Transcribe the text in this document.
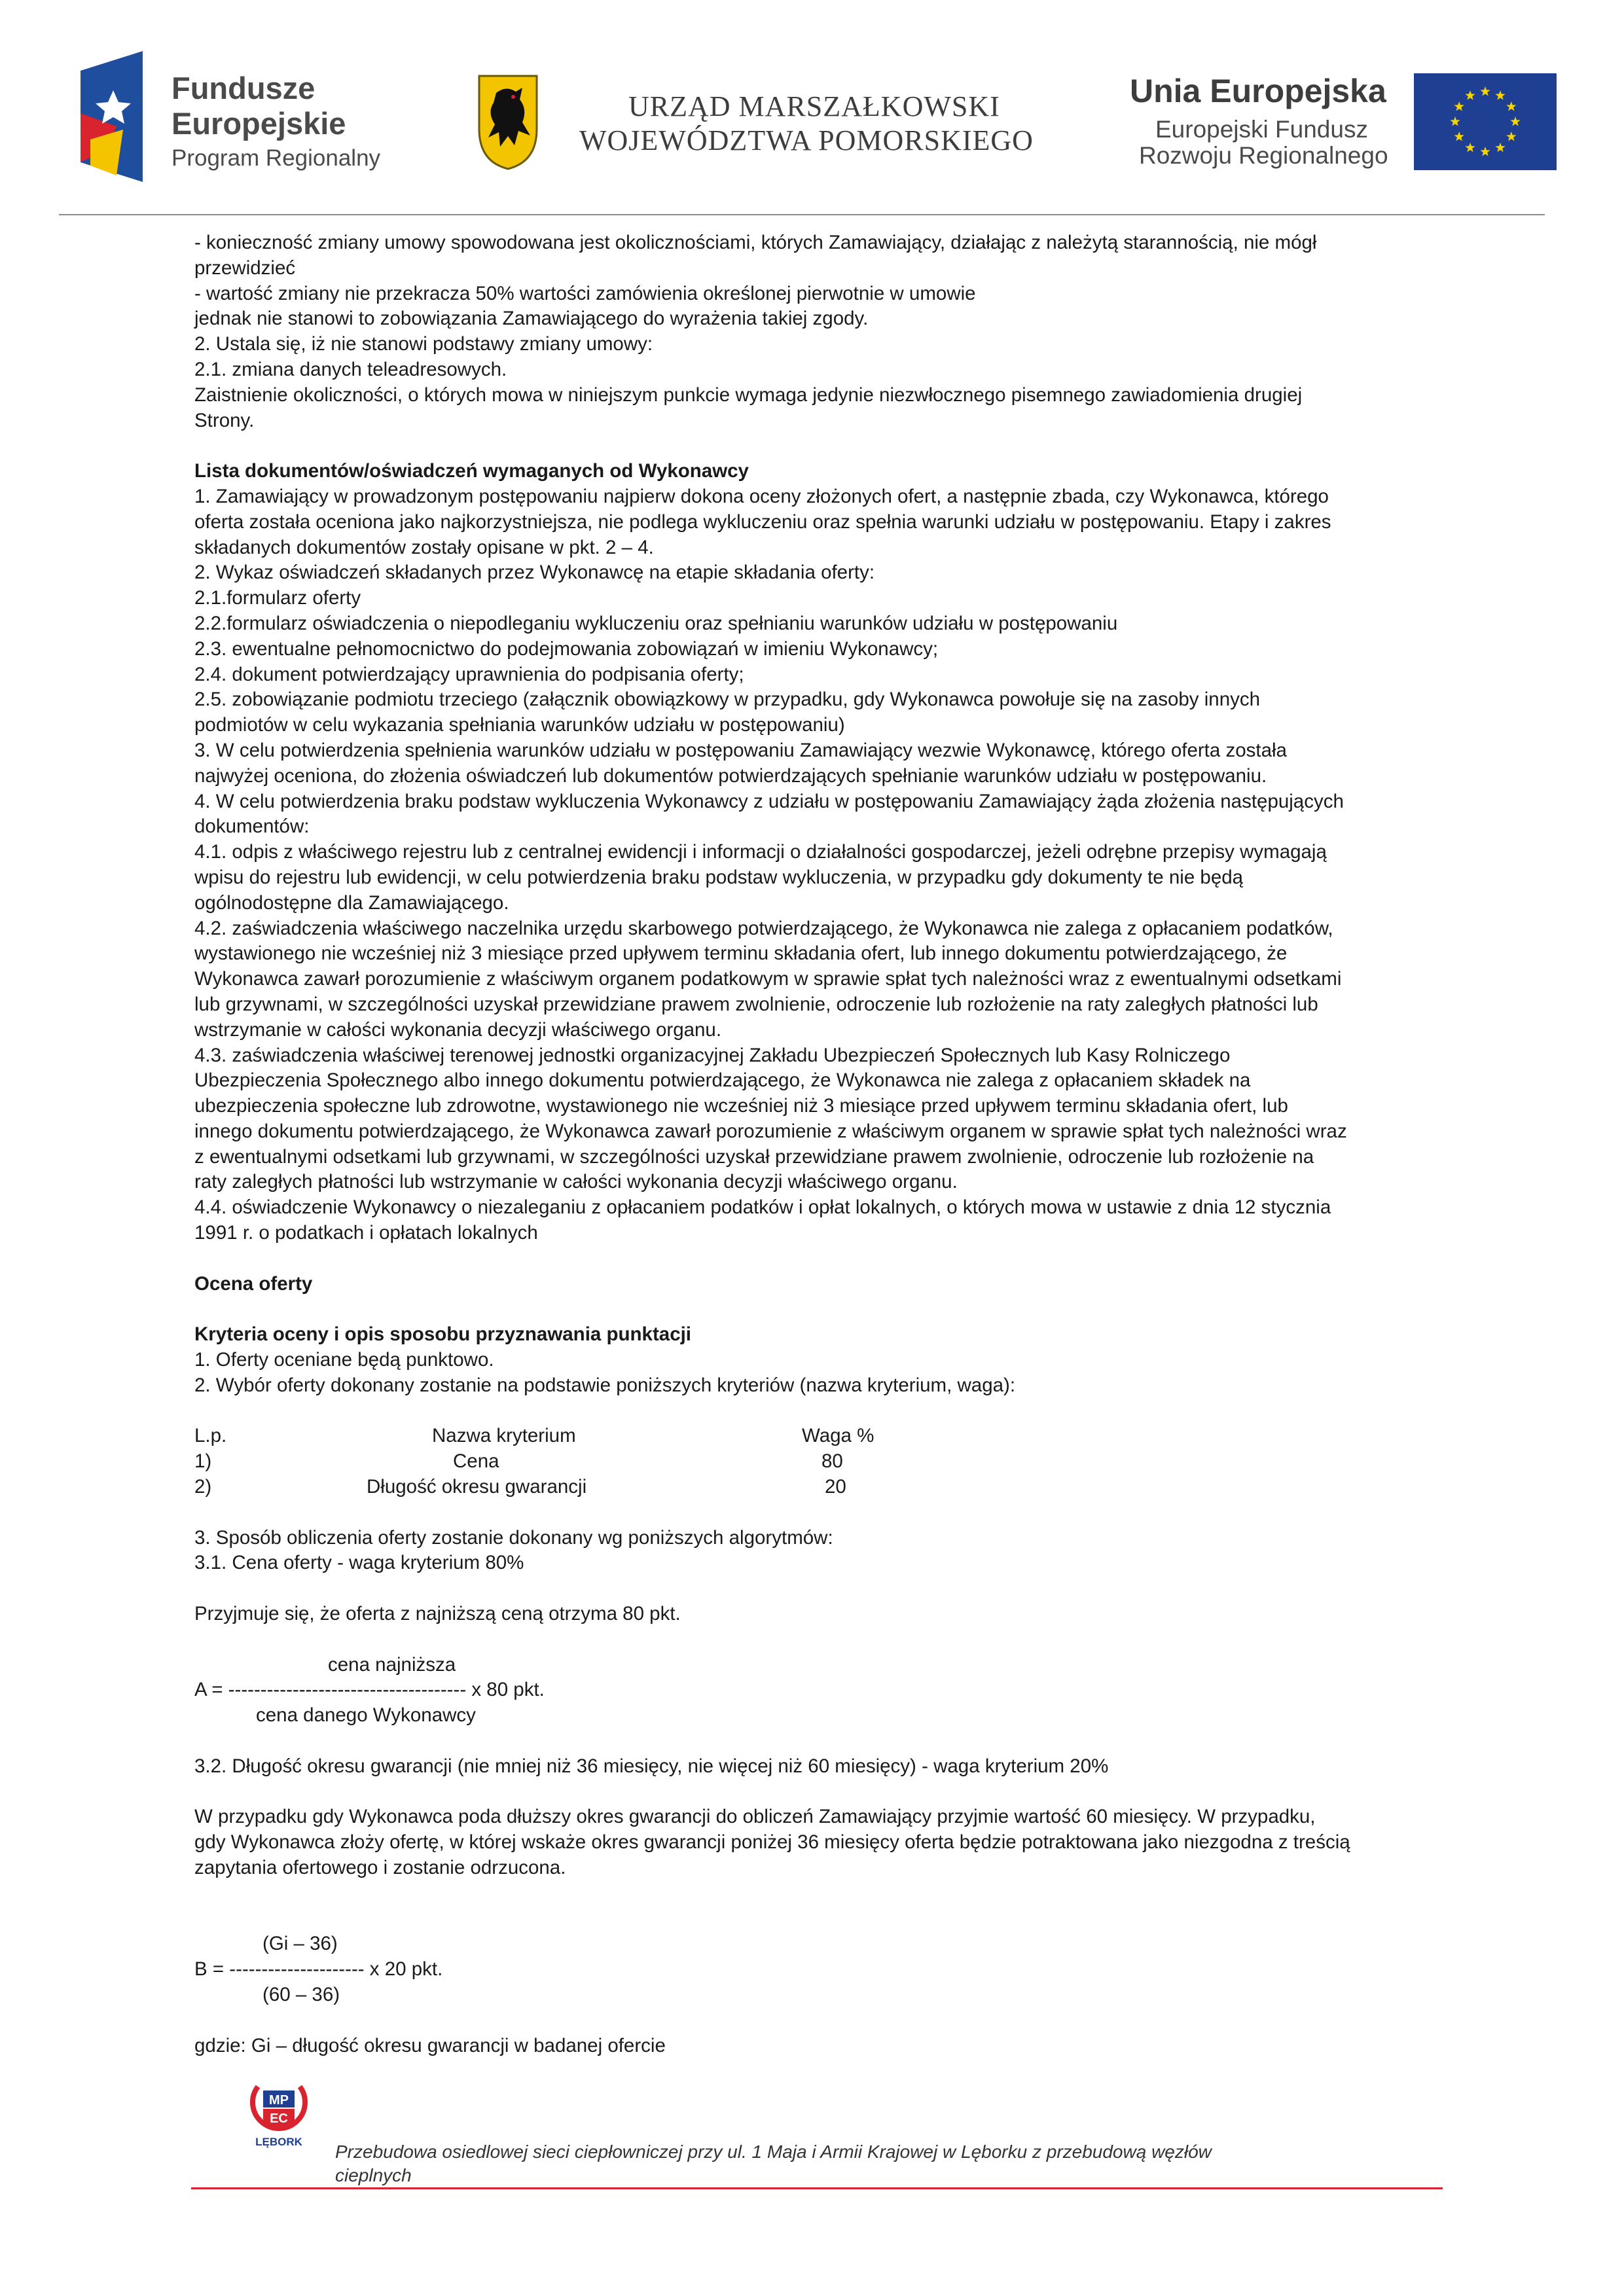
Fundusze
Europejskie
Program Regionalny
URZĄD MARSZAŁKOWSKI
WOJEWÓDZTWA POMORSKIEGO
Unia Europejska
Europejski Fundusz
Rozwoju Regionalnego
- konieczność zmiany umowy spowodowana jest okolicznościami, których Zamawiający, działając z należytą starannością, nie mógł
przewidzieć
- wartość zmiany nie przekracza 50% wartości zamówienia określonej pierwotnie w umowie
jednak nie stanowi to zobowiązania Zamawiającego do wyrażenia takiej zgody.
2. Ustala się, iż nie stanowi podstawy zmiany umowy:
2.1. zmiana danych teleadresowych.
Zaistnienie okoliczności, o których mowa w niniejszym punkcie wymaga jedynie niezwłocznego pisemnego zawiadomienia drugiej
Strony.
Lista dokumentów/oświadczeń wymaganych od Wykonawcy
1. Zamawiający w prowadzonym postępowaniu najpierw dokona oceny złożonych ofert, a następnie zbada, czy Wykonawca, którego
oferta została oceniona jako najkorzystniejsza, nie podlega wykluczeniu oraz spełnia warunki udziału w postępowaniu. Etapy i zakres
składanych dokumentów zostały opisane w pkt. 2 – 4.
2. Wykaz oświadczeń składanych przez Wykonawcę na etapie składania oferty:
2.1.formularz oferty
2.2.formularz oświadczenia o niepodleganiu wykluczeniu oraz spełnianiu warunków udziału w postępowaniu
2.3. ewentualne pełnomocnictwo do podejmowania zobowiązań w imieniu Wykonawcy;
2.4. dokument potwierdzający uprawnienia do podpisania oferty;
2.5. zobowiązanie podmiotu trzeciego (załącznik obowiązkowy w przypadku, gdy Wykonawca powołuje się na zasoby innych
podmiotów w celu wykazania spełniania warunków udziału w postępowaniu)
3. W celu potwierdzenia spełnienia warunków udziału w postępowaniu Zamawiający wezwie Wykonawcę, którego oferta została
najwyżej oceniona, do złożenia oświadczeń lub dokumentów potwierdzających spełnianie warunków udziału w postępowaniu.
4. W celu potwierdzenia braku podstaw wykluczenia Wykonawcy z udziału w postępowaniu Zamawiający żąda złożenia następujących
dokumentów:
4.1. odpis z właściwego rejestru lub z centralnej ewidencji i informacji o działalności gospodarczej, jeżeli odrębne przepisy wymagają
wpisu do rejestru lub ewidencji, w celu potwierdzenia braku podstaw wykluczenia, w przypadku gdy dokumenty te nie będą
ogólnodostępne dla Zamawiającego.
4.2. zaświadczenia właściwego naczelnika urzędu skarbowego potwierdzającego, że Wykonawca nie zalega z opłacaniem podatków,
wystawionego nie wcześniej niż 3 miesiące przed upływem terminu składania ofert, lub innego dokumentu potwierdzającego, że
Wykonawca zawarł porozumienie z właściwym organem podatkowym w sprawie spłat tych należności wraz z ewentualnymi odsetkami
lub grzywnami, w szczególności uzyskał przewidziane prawem zwolnienie, odroczenie lub rozłożenie na raty zaległych płatności lub
wstrzymanie w całości wykonania decyzji właściwego organu.
4.3. zaświadczenia właściwej terenowej jednostki organizacyjnej Zakładu Ubezpieczeń Społecznych lub Kasy Rolniczego
Ubezpieczenia Społecznego albo innego dokumentu potwierdzającego, że Wykonawca nie zalega z opłacaniem składek na
ubezpieczenia społeczne lub zdrowotne, wystawionego nie wcześniej niż 3 miesiące przed upływem terminu składania ofert, lub
innego dokumentu potwierdzającego, że Wykonawca zawarł porozumienie z właściwym organem w sprawie spłat tych należności wraz
z ewentualnymi odsetkami lub grzywnami, w szczególności uzyskał przewidziane prawem zwolnienie, odroczenie lub rozłożenie na
raty zaległych płatności lub wstrzymanie w całości wykonania decyzji właściwego organu.
4.4. oświadczenie Wykonawcy o niezaleganiu z opłacaniem podatków i opłat lokalnych, o których mowa w ustawie z dnia 12 stycznia
1991 r. o podatkach i opłatach lokalnych
Ocena oferty
Kryteria oceny i opis sposobu przyznawania punktacji
1. Oferty oceniane będą punktowo.
2. Wybór oferty dokonany zostanie na podstawie poniższych kryteriów (nazwa kryterium, waga):
L.p.	Nazwa kryterium	Waga %
1)	Cena	80
2)	Długość okresu gwarancji	20
3. Sposób obliczenia oferty zostanie dokonany wg poniższych algorytmów:
3.1. Cena oferty - waga kryterium 80%
Przyjmuje się, że oferta z najniższą ceną otrzyma 80 pkt.
cena najniższa
A = ------------------------------------- x 80 pkt.
cena danego Wykonawcy
3.2. Długość okresu gwarancji (nie mniej niż 36 miesięcy, nie więcej niż 60 miesięcy) - waga kryterium 20%
W przypadku gdy Wykonawca poda dłuższy okres gwarancji do obliczeń Zamawiający przyjmie wartość 60 miesięcy. W przypadku,
gdy Wykonawca złoży ofertę, w której wskaże okres gwarancji poniżej 36 miesięcy oferta będzie potraktowana jako niezgodna z treścią
zapytania ofertowego i zostanie odrzucona.
(Gi – 36)
B = --------------------- x 20 pkt.
(60 – 36)
gdzie: Gi – długość okresu gwarancji w badanej ofercie
MP
EC
LĘBORK Przebudowa osiedlowej sieci ciepłowniczej przy ul. 1 Maja i Armii Krajowej w Lęborku z przebudową węzłów
cieplnych
